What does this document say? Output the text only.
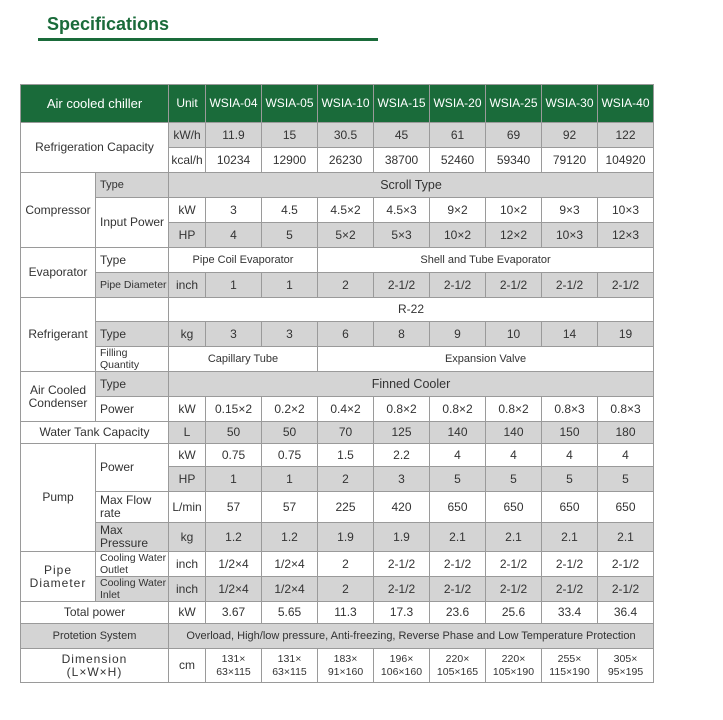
Specifications
Air cooled chiller		Unit	WSIA-04	WSIA-05	WSIA-10	WSIA-15	WSIA-20	WSIA-25	WSIA-30	WSIA-40
Refrigeration Capacity		kW/h	11.9	15	30.5	45	61	69	92	122
		kcal/h	10234	12900	26230	38700	52460	59340	79120	104920
Compressor	Type	Scroll Type								
	Input Power	kW	3	4.5	4.5×2	4.5×3	9×2	10×2	9×3	10×3
		HP	4	5	5×2	5×3	10×2	12×2	10×3	12×3
Evaporator	Type	Pipe Coil Evaporator			Shell and Tube Evaporator					
	Pipe Diameter	inch	1	1	2	2-1/2	2-1/2	2-1/2	2-1/2	2-1/2
Refrigerant		R-22								
	Type	kg	3	3	6	8	9	10	14	19
	Filling Quantity	Capillary Tube			Expansion Valve					
Air Cooled Condenser	Type	Finned Cooler								
	Power	kW	0.15×2	0.2×2	0.4×2	0.8×2	0.8×2	0.8×2	0.8×3	0.8×3
Water Tank Capacity		L	50	50	70	125	140	140	150	180
Pump	Power	kW	0.75	0.75	1.5	2.2	4	4	4	4
		HP	1	1	2	3	5	5	5	5
	Max Flow rate	L/min	57	57	225	420	650	650	650	650
	Max Pressure	kg	1.2	1.2	1.9	1.9	2.1	2.1	2.1	2.1
Pipe Diameter	Cooling Water Outlet	inch	1/2×4	1/2×4	2	2-1/2	2-1/2	2-1/2	2-1/2	2-1/2
	Cooling Water Inlet	inch	1/2×4	1/2×4	2	2-1/2	2-1/2	2-1/2	2-1/2	2-1/2
Total power		kW	3.67	5.65	11.3	17.3	23.6	25.6	33.4	36.4
Protetion System		Overload, High/low pressure, Anti-freezing, Reverse Phase and Low Temperature Protection								
Dimension (L×W×H)		cm	131× 63×115	131× 63×115	183× 91×160	196× 106×160	220× 105×165	220× 105×190	255× 115×190	305× 95×195
